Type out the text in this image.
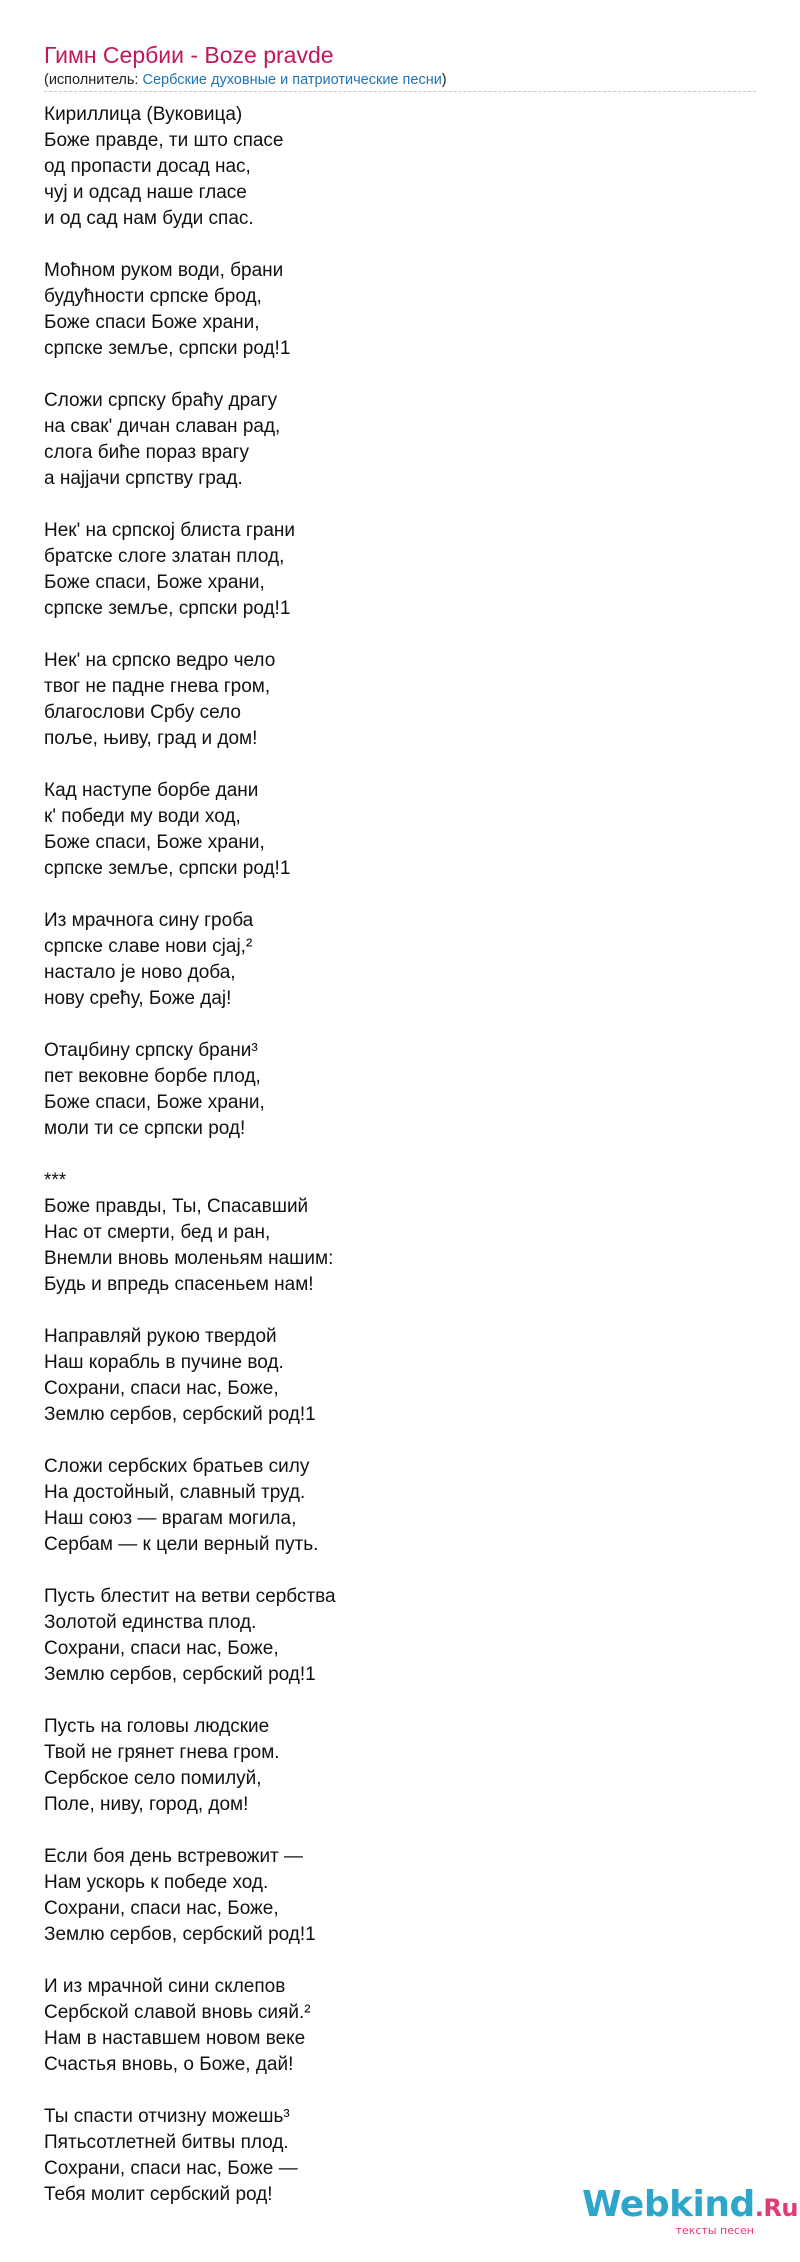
Гимн Сербии - Boze pravde
(исполнитель: Сербские духовные и патриотические песни)
Кириллица (Вуковица)
Боже правде, ти што спасе
од пропасти досад нас,
чуј и одсад наше гласе
и од сад нам буди спас.
Моћном руком води, брани
будућности српске брод,
Боже спаси Боже храни,
српске земље, српски род!1
Сложи српску браћу драгу
на свак' дичан славан рад,
слога биће пораз врагу
а најјачи српству град.
Нек' на српској блиста грани
братске слоге златан плод,
Боже спаси, Боже храни,
српске земље, српски род!1
Нек' на српско ведро чело
твог не падне гнева гром,
благослови Србу село
поље, њиву, град и дом!
Кад наступе борбе дани
к' победи му води ход,
Боже спаси, Боже храни,
српске земље, српски род!1
Из мрачнога сину гроба
српске славе нови сјај,²
настало је ново доба,
нову срећу, Боже дај!
Отаџбину српску брани³
пет вековне борбе плод,
Боже спаси, Боже храни,
моли ти се српски род!
***
Боже правды, Ты, Спасавший
Нас от смерти, бед и ран,
Внемли вновь моленьям нашим:
Будь и впредь спасеньем нам!
Направляй рукою твердой
Наш корабль в пучине вод.
Сохрани, спаси нас, Боже,
Землю сербов, сербский род!1
Сложи сербских братьев силу
На достойный, славный труд.
Наш союз — врагам могила,
Сербам — к цели верный путь.
Пусть блестит на ветви сербства
Золотой единства плод.
Сохрани, спаси нас, Боже,
Землю сербов, сербский род!1
Пусть на головы людские
Твой не грянет гнева гром.
Сербское село помилуй,
Поле, ниву, город, дом!
Если боя день встревожит —
Нам ускорь к победе ход.
Сохрани, спаси нас, Боже,
Землю сербов, сербский род!1
И из мрачной сини склепов
Сербской славой вновь сияй.²
Нам в наставшем новом веке
Счастья вновь, о Боже, дай!
Ты спасти отчизну можешь³
Пятьсотлетней битвы плод.
Сохрани, спаси нас, Боже —
Тебя молит сербский род!	Webkind.Ru
тексты песен
